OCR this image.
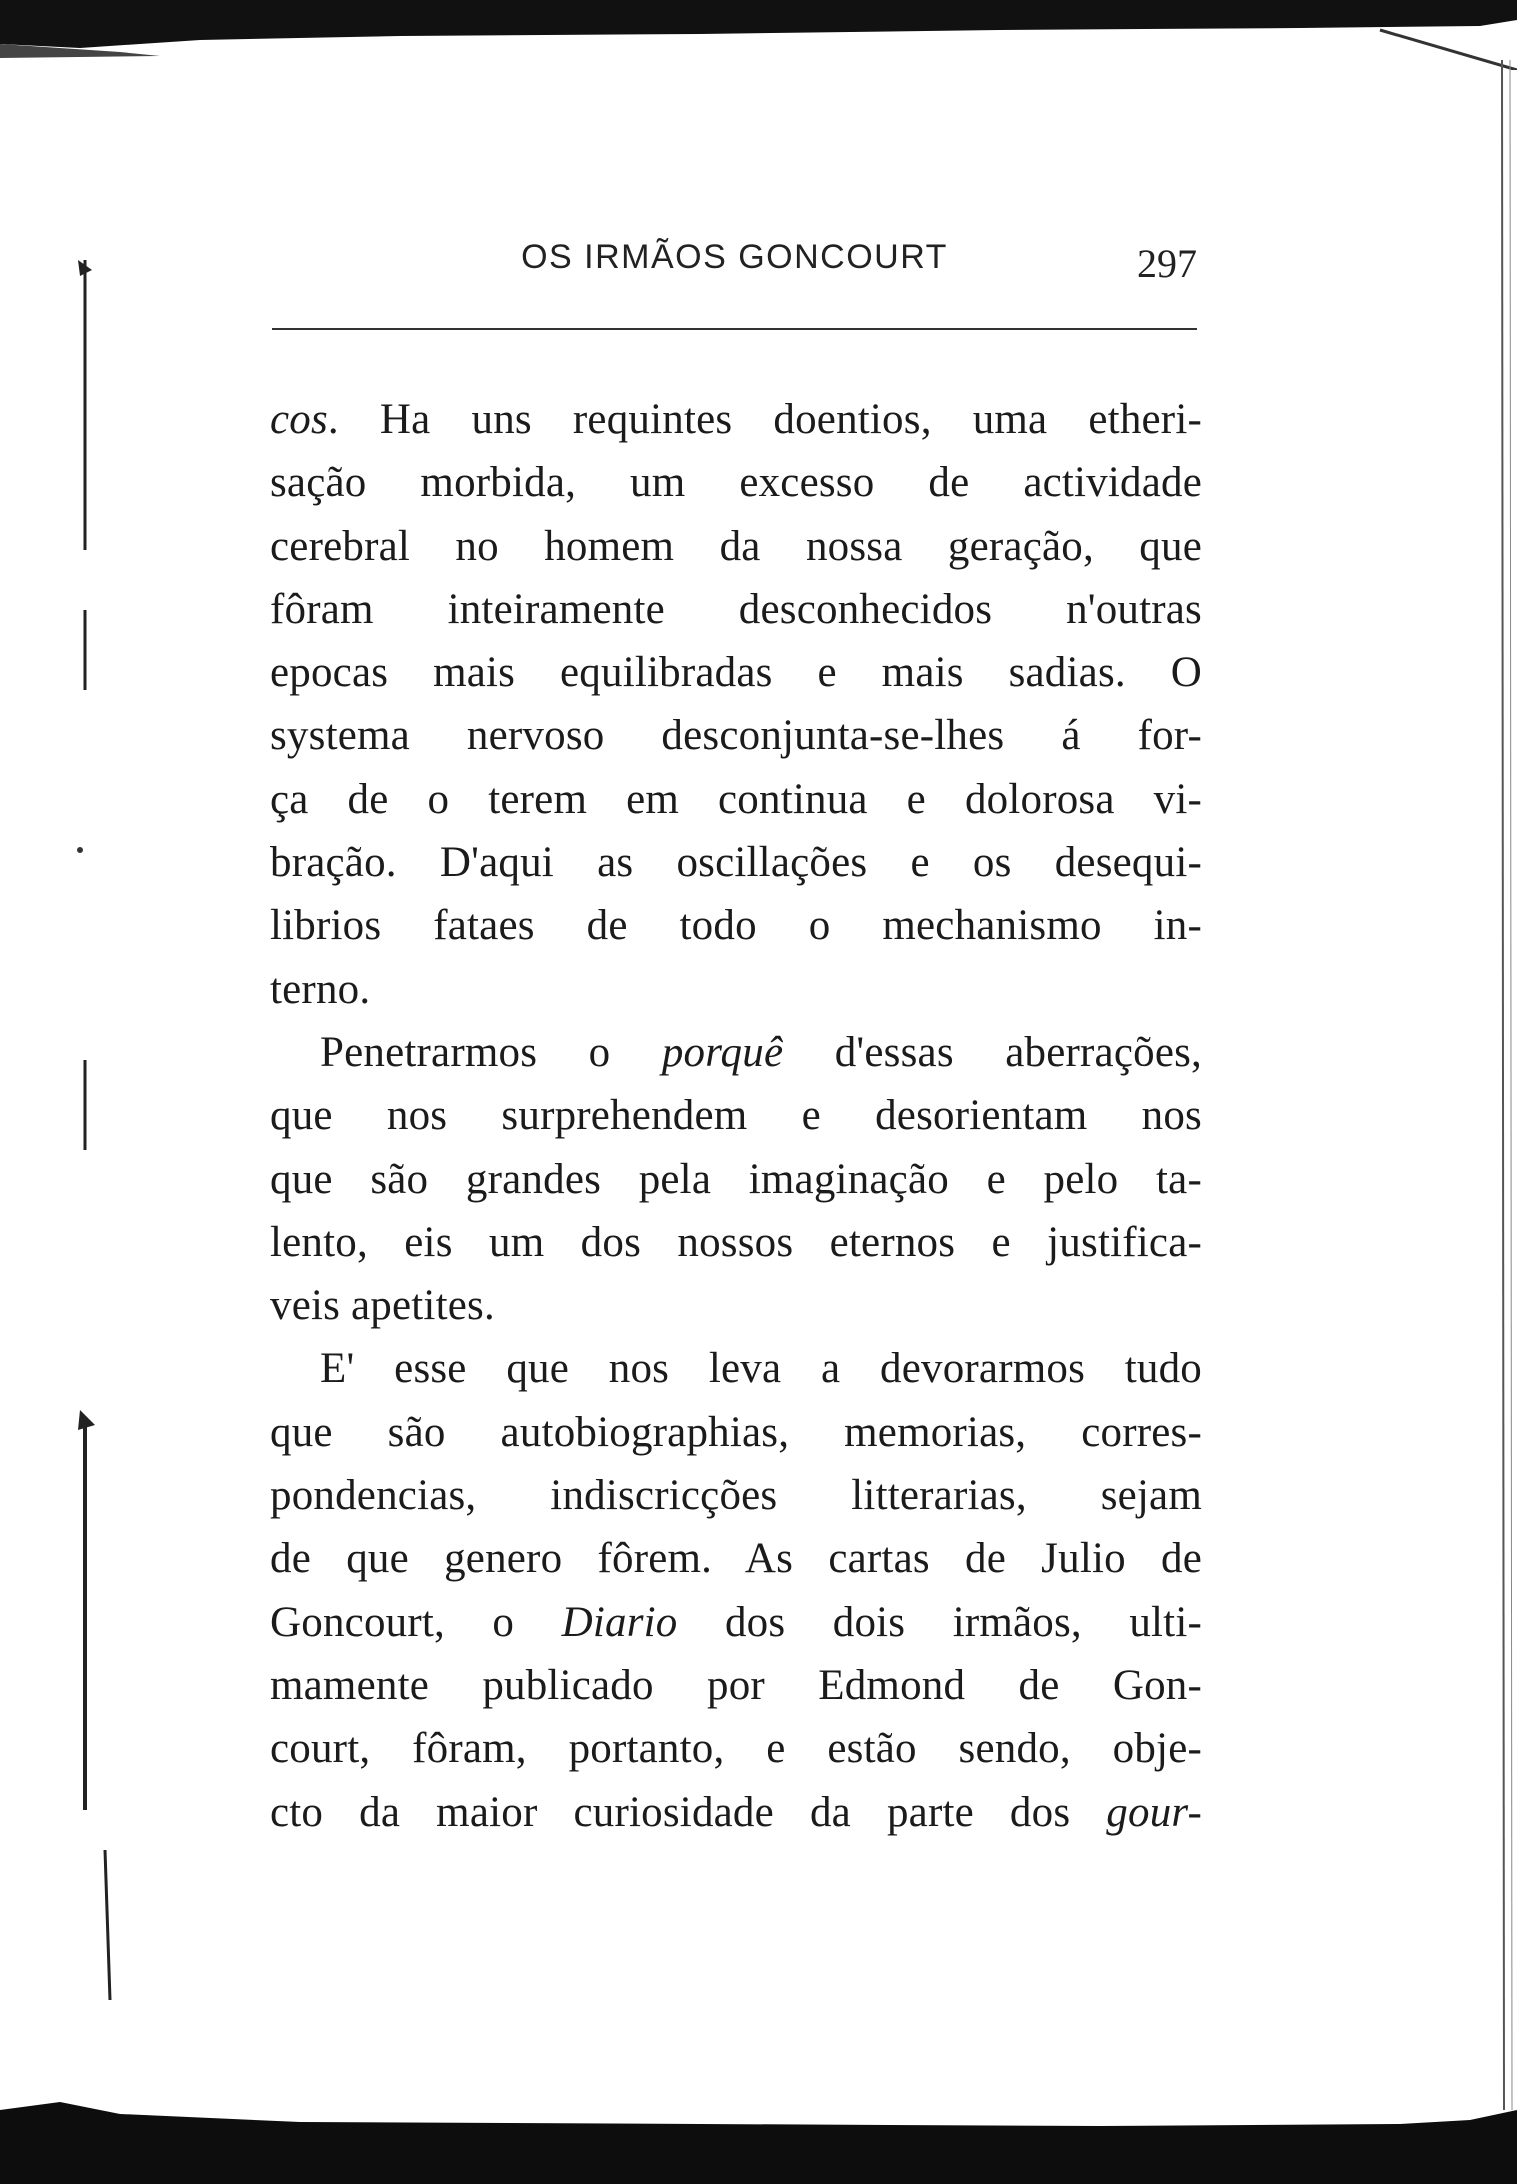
OS IRMÃOS GONCOURT	297
cos. Ha uns requintes doentios, uma etheri-
sação morbida, um excesso de actividade
cerebral no homem da nossa geração, que
fôram inteiramente desconhecidos n'outras
epocas mais equilibradas e mais sadias. O
systema nervoso desconjunta-se-lhes á for-
ça de o terem em continua e dolorosa vi-
bração. D'aqui as oscillações e os desequi-
librios fataes de todo o mechanismo in-
terno.
Penetrarmos o porquê d'essas aberrações,
que nos surprehendem e desorientam nos
que são grandes pela imaginação e pelo ta-
lento, eis um dos nossos eternos e justifica-
veis apetites.
E' esse que nos leva a devorarmos tudo
que são autobiographias, memorias, corres-
pondencias, indiscricções litterarias, sejam
de que genero fôrem. As cartas de Julio de
Goncourt, o Diario dos dois irmãos, ulti-
mamente publicado por Edmond de Gon-
court, fôram, portanto, e estão sendo, obje-
cto da maior curiosidade da parte dos gour-
